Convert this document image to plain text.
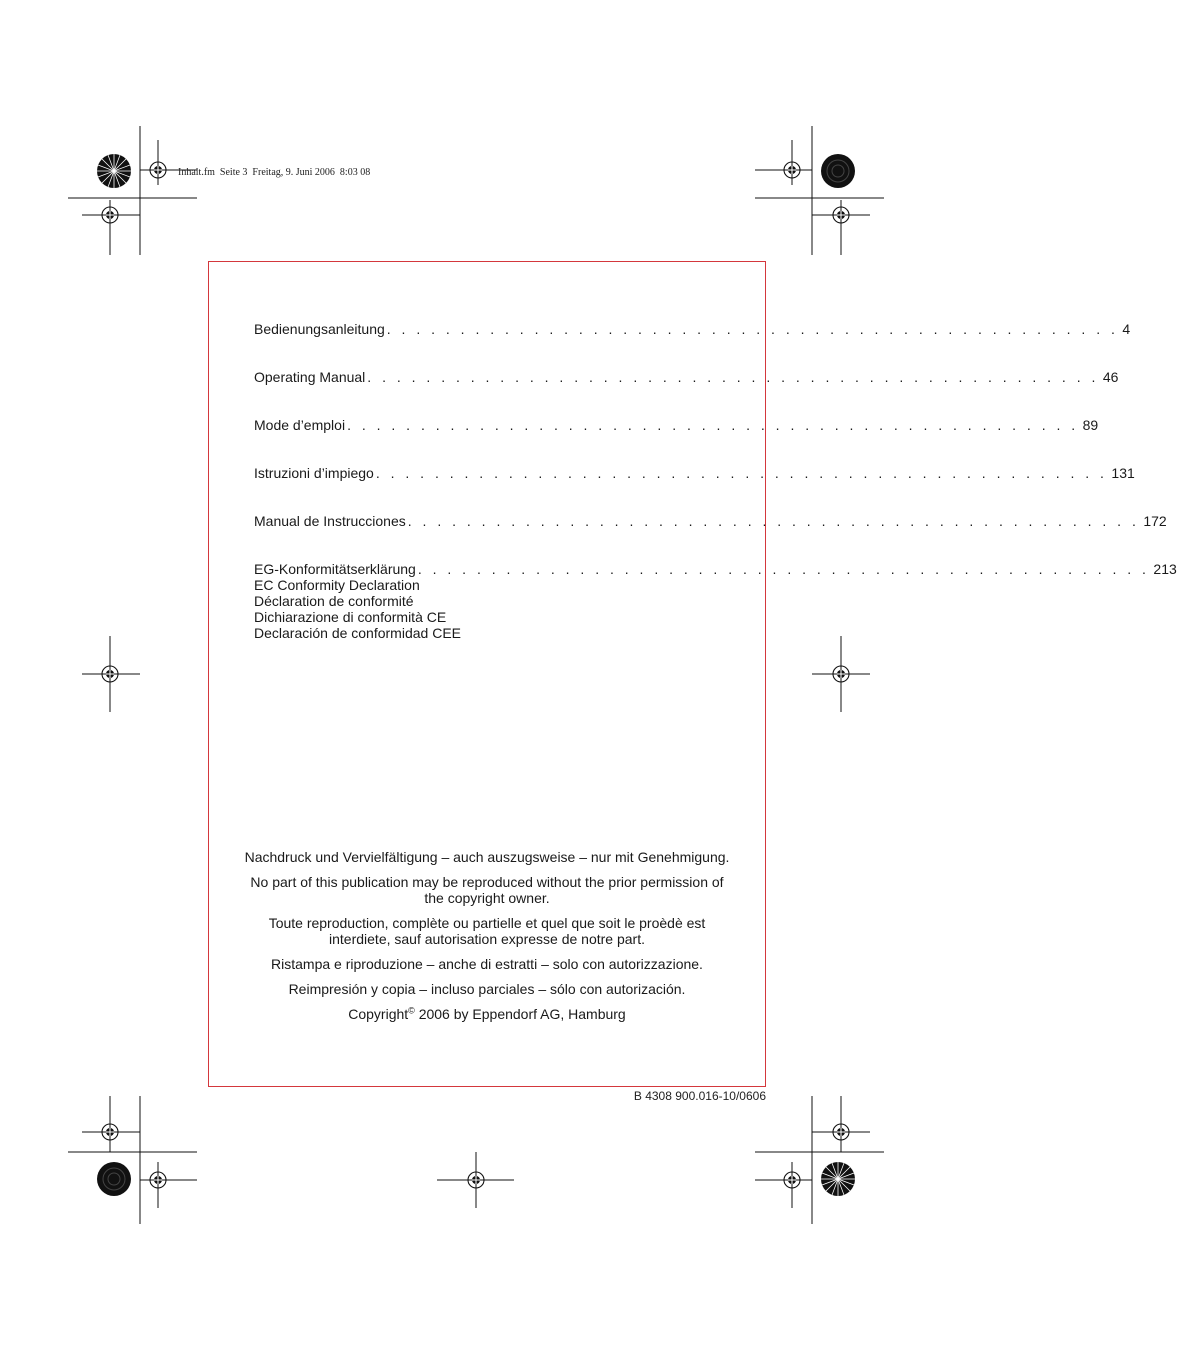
Inhalt.fm  Seite 3  Freitag, 9. Juni 2006  8:03 08
Bedienungsanleitung . . . . . . . . . . . . . . . . . . . . . . . . . . . . . . . . . . . . . . . . . . . . . . . . . . 4
Operating Manual . . . . . . . . . . . . . . . . . . . . . . . . . . . . . . . . . . . . . . . . . . . . . . . . . . 46
Mode d’emploi . . . . . . . . . . . . . . . . . . . . . . . . . . . . . . . . . . . . . . . . . . . . . . . . . . 89
Istruzioni d’impiego . . . . . . . . . . . . . . . . . . . . . . . . . . . . . . . . . . . . . . . . . . . . . . . . . . 131
Manual de Instrucciones . . . . . . . . . . . . . . . . . . . . . . . . . . . . . . . . . . . . . . . . . . . . . . . . . . 172
EG-Konformitätserklärung . . . . . . . . . . . . . . . . . . . . . . . . . . . . . . . . . . . . . . . . . . . . . . . . . . 213
EC Conformity Declaration
Déclaration de conformité
Dichiarazione di conformità CE
Declaración de conformidad CEE

Nachdruck und Vervielfältigung – auch auszugsweise – nur mit Genehmigung.

No part of this publication may be reproduced without the prior permission of the copyright owner.

Toute reproduction, complète ou partielle et quel que soit le proèdè est interdiete, sauf autorisation expresse de notre part.

Ristampa e riproduzione – anche di estratti – solo con autorizzazione.

Reimpresión y copia – incluso parciales – sólo con autorización.

Copyright© 2006 by Eppendorf AG, Hamburg

B 4308 900.016-10/0606
